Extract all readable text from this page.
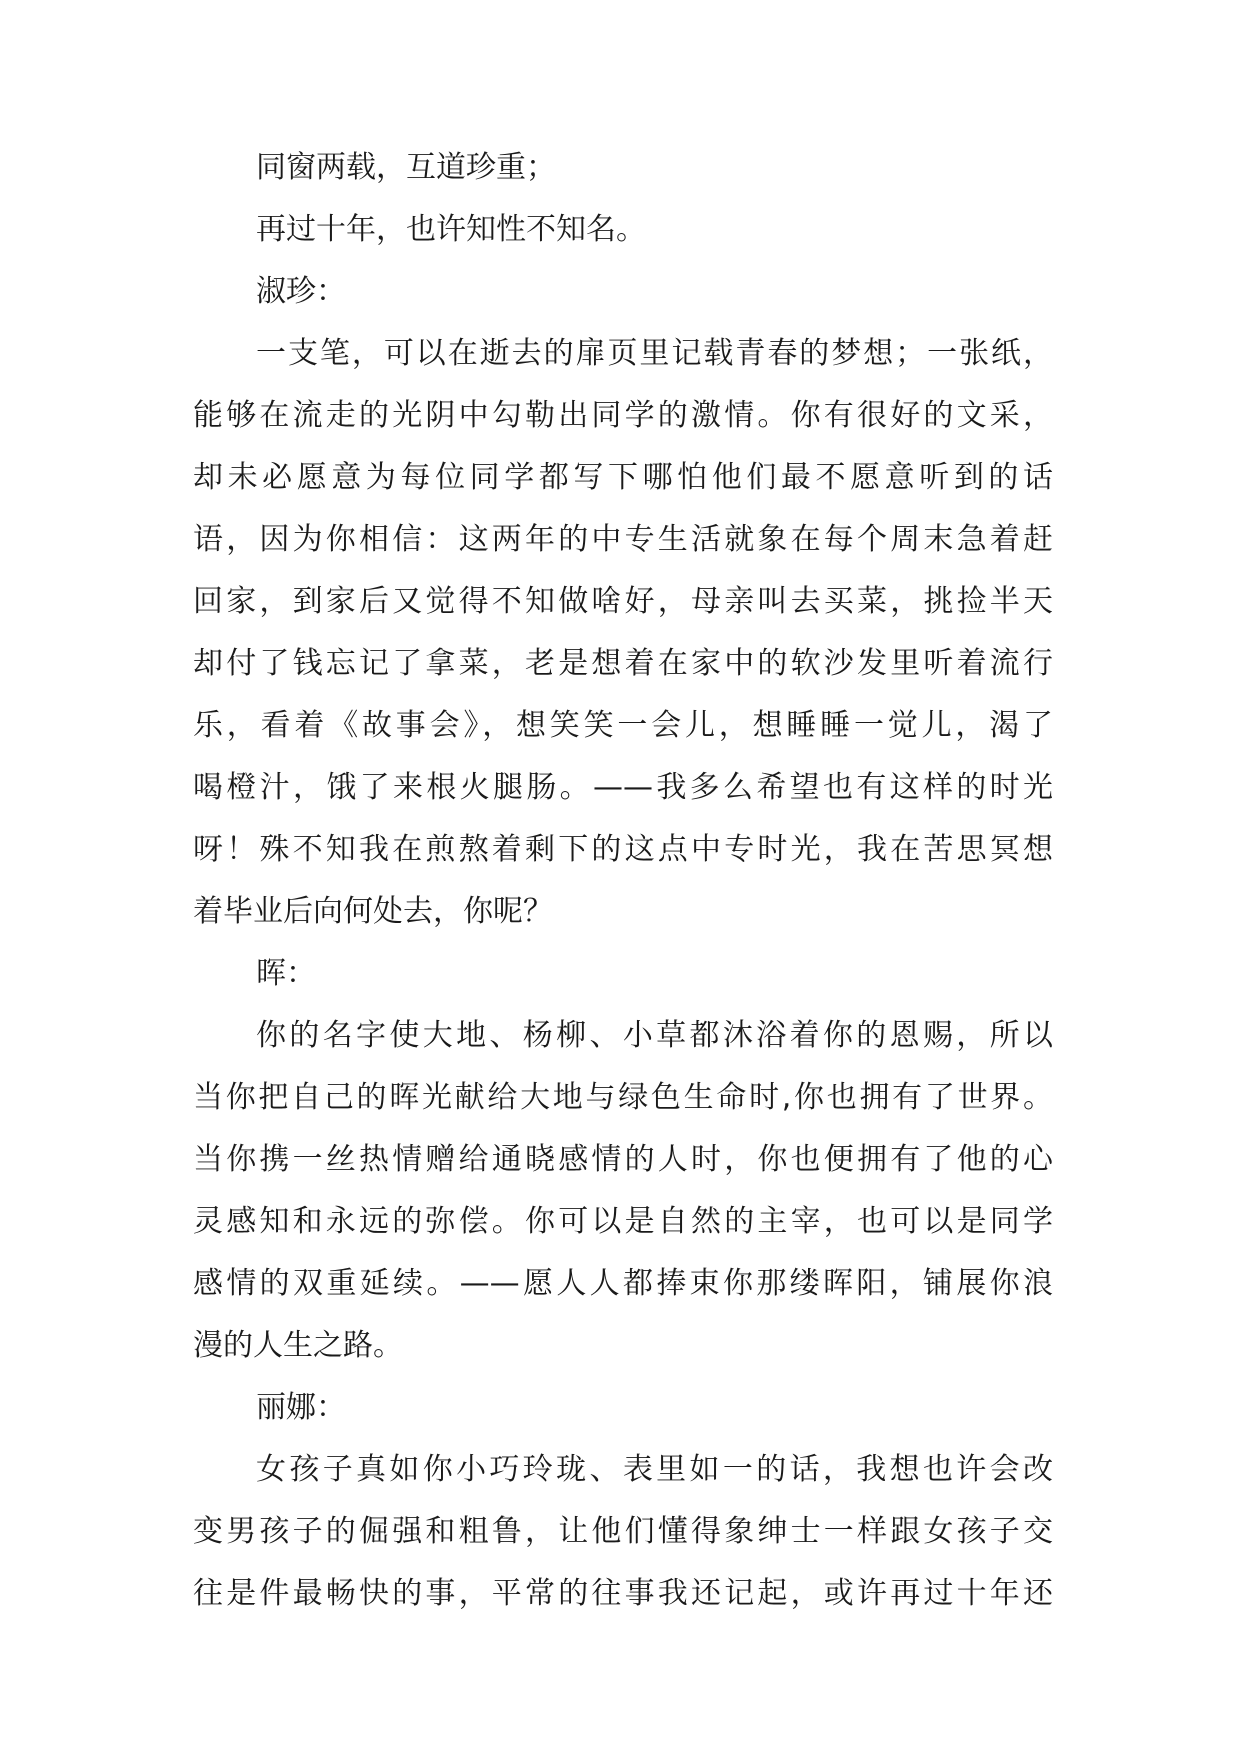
同窗两载，互道珍重；
再过十年，也许知性不知名。
淑珍：
一支笔，可以在逝去的扉页里记载青春的梦想；一张纸，
能够在流走的光阴中勾勒出同学的激情。你有很好的文采，
却未必愿意为每位同学都写下哪怕他们最不愿意听到的话
语，因为你相信：这两年的中专生活就象在每个周末急着赶
回家，到家后又觉得不知做啥好，母亲叫去买菜，挑捡半天
却付了钱忘记了拿菜，老是想着在家中的软沙发里听着流行
乐，看着《故事会》，想笑笑一会儿，想睡睡一觉儿，渴了
喝橙汁，饿了来根火腿肠。——我多么希望也有这样的时光
呀！殊不知我在煎熬着剩下的这点中专时光，我在苦思冥想
着毕业后向何处去，你呢？
晖：
你的名字使大地、杨柳、小草都沐浴着你的恩赐，所以
当你把自己的晖光献给大地与绿色生命时,你也拥有了世界。
当你携一丝热情赠给通晓感情的人时，你也便拥有了他的心
灵感知和永远的弥偿。你可以是自然的主宰，也可以是同学
感情的双重延续。——愿人人都捧束你那缕晖阳，铺展你浪
漫的人生之路。
丽娜：
女孩子真如你小巧玲珑、表里如一的话，我想也许会改
变男孩子的倔强和粗鲁，让他们懂得象绅士一样跟女孩子交
往是件最畅快的事，平常的往事我还记起，或许再过十年还
